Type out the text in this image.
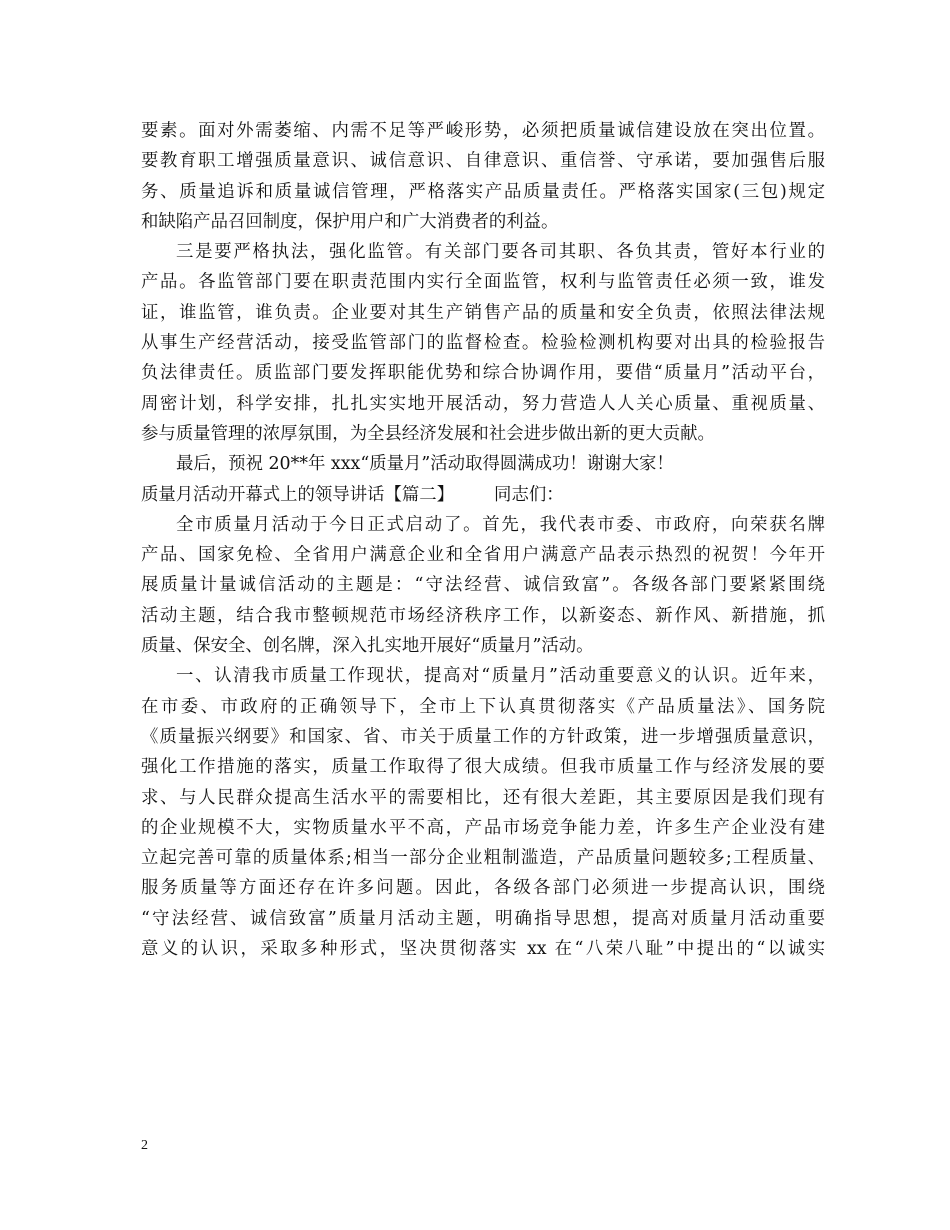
要素。面对外需萎缩、内需不足等严峻形势，必须把质量诚信建设放在突出位置。
要教育职工增强质量意识、诚信意识、自律意识、重信誉、守承诺，要加强售后服
务、质量追诉和质量诚信管理，严格落实产品质量责任。严格落实国家(三包)规定
和缺陷产品召回制度，保护用户和广大消费者的利益。
三是要严格执法，强化监管。有关部门要各司其职、各负其责，管好本行业的
产品。各监管部门要在职责范围内实行全面监管，权利与监管责任必须一致，谁发
证，谁监管，谁负责。企业要对其生产销售产品的质量和安全负责，依照法律法规
从事生产经营活动，接受监管部门的监督检查。检验检测机构要对出具的检验报告
负法律责任。质监部门要发挥职能优势和综合协调作用，要借“质量月”活动平台，
周密计划，科学安排，扎扎实实地开展活动，努力营造人人关心质量、重视质量、
参与质量管理的浓厚氛围，为全县经济发展和社会进步做出新的更大贡献。
最后，预祝 20**年 xxx“质量月”活动取得圆满成功！谢谢大家！
质量月活动开幕式上的领导讲话【篇二】 同志们：
全市质量月活动于今日正式启动了。首先，我代表市委、市政府，向荣获名牌
产品、国家免检、全省用户满意企业和全省用户满意产品表示热烈的祝贺！今年开
展质量计量诚信活动的主题是：“守法经营、诚信致富”。各级各部门要紧紧围绕
活动主题，结合我市整顿规范市场经济秩序工作，以新姿态、新作风、新措施，抓
质量、保安全、创名牌，深入扎实地开展好“质量月”活动。
一、认清我市质量工作现状，提高对“质量月”活动重要意义的认识。近年来，
在市委、市政府的正确领导下，全市上下认真贯彻落实《产品质量法》、国务院
《质量振兴纲要》和国家、省、市关于质量工作的方针政策，进一步增强质量意识，
强化工作措施的落实，质量工作取得了很大成绩。但我市质量工作与经济发展的要
求、与人民群众提高生活水平的需要相比，还有很大差距，其主要原因是我们现有
的企业规模不大，实物质量水平不高，产品市场竞争能力差，许多生产企业没有建
立起完善可靠的质量体系;相当一部分企业粗制滥造，产品质量问题较多;工程质量、
服务质量等方面还存在许多问题。因此，各级各部门必须进一步提高认识，围绕
“守法经营、诚信致富”质量月活动主题，明确指导思想，提高对质量月活动重要
意义的认识，采取多种形式，坚决贯彻落实 xx 在“八荣八耻”中提出的“以诚实
2
